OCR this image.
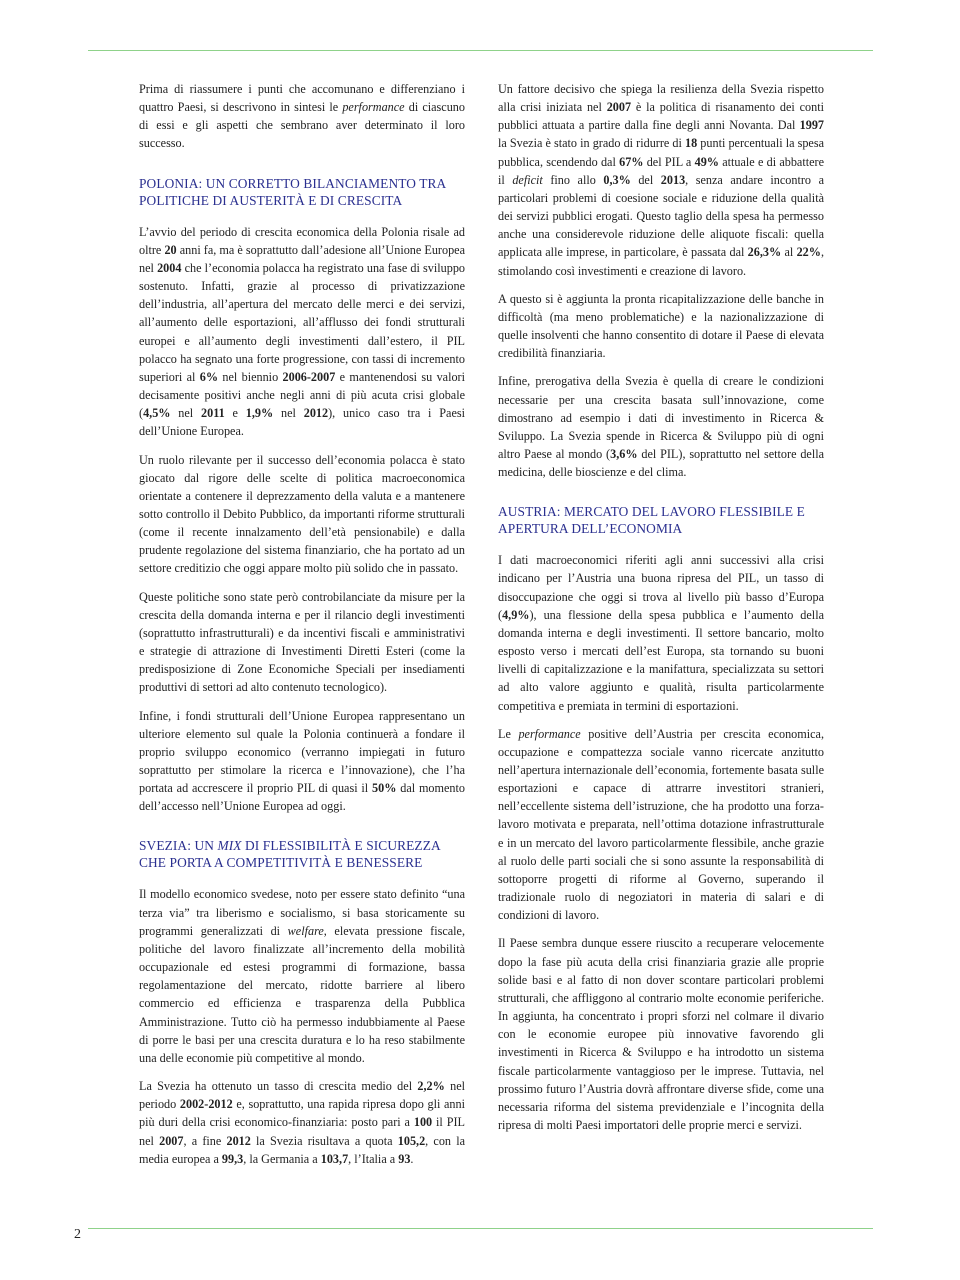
Prima di riassumere i punti che accomunano e differenziano i quattro Paesi, si descrivono in sintesi le performance di ciascuno di essi e gli aspetti che sembrano aver determinato il loro successo.

POLONIA: UN CORRETTO BILANCIAMENTO TRA POLITICHE DI AUSTERITÀ E DI CRESCITA

L’avvio del periodo di crescita economica della Polonia risale ad oltre 20 anni fa, ma è soprattutto dall’adesione all’Unione Europea nel 2004 che l’economia polacca ha registrato una fase di sviluppo sostenuto. Infatti, grazie al processo di privatizzazione dell’industria, all’apertura del mercato delle merci e dei servizi, all’aumento delle esportazioni, all’afflusso dei fondi strutturali europei e all’aumento degli investimenti dall’estero, il PIL polacco ha segnato una forte progressione, con tassi di incremento superiori al 6% nel biennio 2006-2007 e mantenendosi su valori decisamente positivi anche negli anni di più acuta crisi globale (4,5% nel 2011 e 1,9% nel 2012), unico caso tra i Paesi dell’Unione Europea.

Un ruolo rilevante per il successo dell’economia polacca è stato giocato dal rigore delle scelte di politica macroeconomica orientate a contenere il deprezzamento della valuta e a mantenere sotto controllo il Debito Pubblico, da importanti riforme strutturali (come il recente innalzamento dell’età pensionabile) e dalla prudente regolazione del sistema finanziario, che ha portato ad un settore creditizio che oggi appare molto più solido che in passato.

Queste politiche sono state però controbilanciate da misure per la crescita della domanda interna e per il rilancio degli investimenti (soprattutto infrastrutturali) e da incentivi fiscali e amministrativi e strategie di attrazione di Investimenti Diretti Esteri (come la predisposizione di Zone Economiche Speciali per insediamenti produttivi di settori ad alto contenuto tecnologico).

Infine, i fondi strutturali dell’Unione Europea rappresentano un ulteriore elemento sul quale la Polonia continuerà a fondare il proprio sviluppo economico (verranno impiegati in futuro soprattutto per stimolare la ricerca e l’innovazione), che l’ha portata ad accrescere il proprio PIL di quasi il 50% dal momento dell’accesso nell’Unione Europea ad oggi.

SVEZIA: UN MIX DI FLESSIBILITÀ E SICUREZZA CHE PORTA A COMPETITIVITÀ E BENESSERE

Il modello economico svedese, noto per essere stato definito “una terza via” tra liberismo e socialismo, si basa storicamente su programmi generalizzati di welfare, elevata pressione fiscale, politiche del lavoro finalizzate all’incremento della mobilità occupazionale ed estesi programmi di formazione, bassa regolamentazione del mercato, ridotte barriere al libero commercio ed efficienza e trasparenza della Pubblica Amministrazione. Tutto ciò ha permesso indubbiamente al Paese di porre le basi per una crescita duratura e lo ha reso stabilmente una delle economie più competitive al mondo.

La Svezia ha ottenuto un tasso di crescita medio del 2,2% nel periodo 2002-2012 e, soprattutto, una rapida ripresa dopo gli anni più duri della crisi economico-finanziaria: posto pari a 100 il PIL nel 2007, a fine 2012 la Svezia risultava a quota 105,2, con la media europea a 99,3, la Germania a 103,7, l’Italia a 93.

Un fattore decisivo che spiega la resilienza della Svezia rispetto alla crisi iniziata nel 2007 è la politica di risanamento dei conti pubblici attuata a partire dalla fine degli anni Novanta. Dal 1997 la Svezia è stato in grado di ridurre di 18 punti percentuali la spesa pubblica, scendendo dal 67% del PIL a 49% attuale e di abbattere il deficit fino allo 0,3% del 2013, senza andare incontro a particolari problemi di coesione sociale e riduzione della qualità dei servizi pubblici erogati. Questo taglio della spesa ha permesso anche una considerevole riduzione delle aliquote fiscali: quella applicata alle imprese, in particolare, è passata dal 26,3% al 22%, stimolando così investimenti e creazione di lavoro.

A questo si è aggiunta la pronta ricapitalizzazione delle banche in difficoltà (ma meno problematiche) e la nazionalizzazione di quelle insolventi che hanno consentito di dotare il Paese di elevata credibilità finanziaria.

Infine, prerogativa della Svezia è quella di creare le condizioni necessarie per una crescita basata sull’innovazione, come dimostrano ad esempio i dati di investimento in Ricerca & Sviluppo. La Svezia spende in Ricerca & Sviluppo più di ogni altro Paese al mondo (3,6% del PIL), soprattutto nel settore della medicina, delle bioscienze e del clima.

AUSTRIA: MERCATO DEL LAVORO FLESSIBILE E APERTURA DELL’ECONOMIA

I dati macroeconomici riferiti agli anni successivi alla crisi indicano per l’Austria una buona ripresa del PIL, un tasso di disoccupazione che oggi si trova al livello più basso d’Europa (4,9%), una flessione della spesa pubblica e l’aumento della domanda interna e degli investimenti. Il settore bancario, molto esposto verso i mercati dell’est Europa, sta tornando su buoni livelli di capitalizzazione e la manifattura, specializzata su settori ad alto valore aggiunto e qualità, risulta particolarmente competitiva e premiata in termini di esportazioni.

Le performance positive dell’Austria per crescita economica, occupazione e compattezza sociale vanno ricercate anzitutto nell’apertura internazionale dell’economia, fortemente basata sulle esportazioni e capace di attrarre investitori stranieri, nell’eccellente sistema dell’istruzione, che ha prodotto una forza-lavoro motivata e preparata, nell’ottima dotazione infrastrutturale e in un mercato del lavoro particolarmente flessibile, anche grazie al ruolo delle parti sociali che si sono assunte la responsabilità di sottoporre progetti di riforme al Governo, superando il tradizionale ruolo di negoziatori in materia di salari e di condizioni di lavoro.

Il Paese sembra dunque essere riuscito a recuperare velocemente dopo la fase più acuta della crisi finanziaria grazie alle proprie solide basi e al fatto di non dover scontare particolari problemi strutturali, che affliggono al contrario molte economie periferiche. In aggiunta, ha concentrato i propri sforzi nel colmare il divario con le economie europee più innovative favorendo gli investimenti in Ricerca & Sviluppo e ha introdotto un sistema fiscale particolarmente vantaggioso per le imprese. Tuttavia, nel prossimo futuro l’Austria dovrà affrontare diverse sfide, come una necessaria riforma del sistema previdenziale e l’incognita della ripresa di molti Paesi importatori delle proprie merci e servizi.

2
